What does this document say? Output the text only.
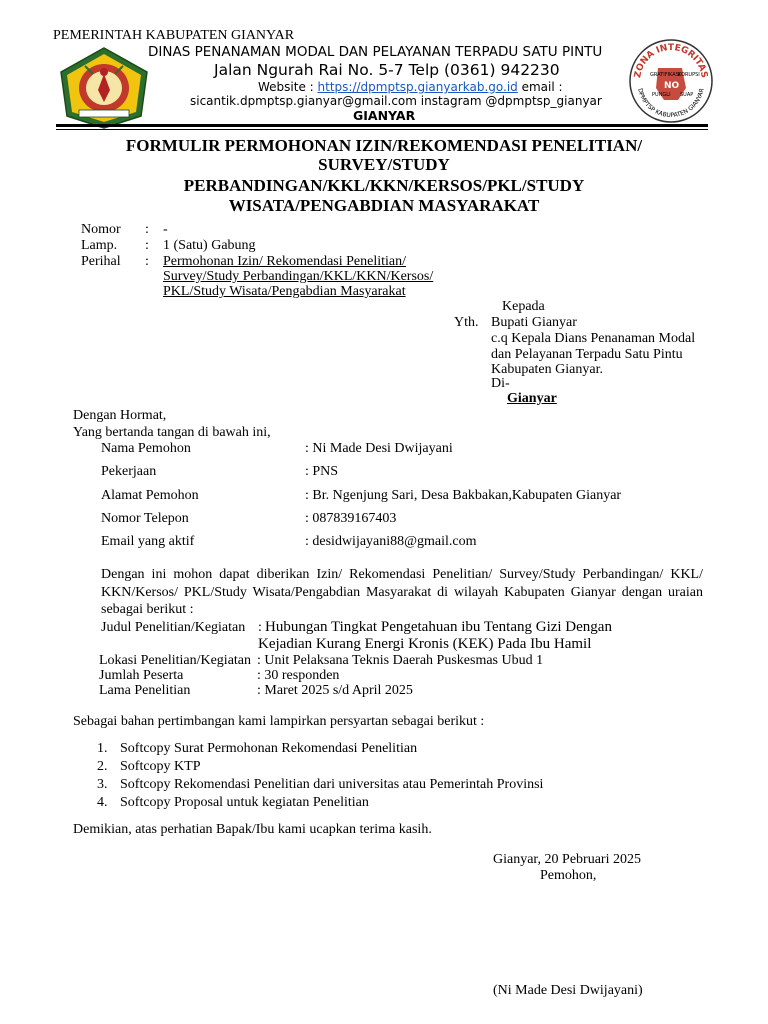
PEMERINTAH KABUPATEN GIANYAR
DINAS PENANAMAN MODAL DAN PELAYANAN TERPADU SATU PINTU
Jalan Ngurah Rai No. 5-7 Telp (0361) 942230
Website : https://dpmptsp.gianyarkab.go.id email :
sicantik.dpmptsp.gianyar@gmail.com instagram @dpmptsp_gianyar
GIANYAR
ZONA INTEGRITAS
GRATIFIKASI
KORUPSI
NO
PUNGLI SUAP
DPMPTSP KABUPATEN GIANYAR
FORMULIR PERMOHONAN IZIN/REKOMENDASI PENELITIAN/
SURVEY/STUDY
PERBANDINGAN/KKL/KKN/KERSOS/PKL/STUDY
WISATA/PENGABDIAN MASYARAKAT
Nomor : -
Lamp. : 1 (Satu) Gabung
Perihal : Permohonan Izin/ Rekomendasi Penelitian/
Survey/Study Perbandingan/KKL/KKN/Kersos/
PKL/Study Wisata/Pengabdian Masyarakat
Kepada
Yth. Bupati Gianyar
c.q Kepala Dians Penanaman Modal
dan Pelayanan Terpadu Satu Pintu
Kabupaten Gianyar.
Di-
Gianyar
Dengan Hormat,
Yang bertanda tangan di bawah ini,
Nama Pemohon	: Ni Made Desi Dwijayani
Pekerjaan	: PNS
Alamat Pemohon	: Br. Ngenjung Sari, Desa Bakbakan,Kabupaten Gianyar
Nomor Telepon	: 087839167403
Email yang aktif	: desidwijayani88@gmail.com
Dengan ini mohon dapat diberikan Izin/ Rekomendasi Penelitian/ Survey/Study Perbandingan/ KKL/ KKN/Kersos/ PKL/Study Wisata/Pengabdian Masyarakat di wilayah Kabupaten Gianyar dengan uraian sebagai berikut :
Judul Penelitian/Kegiatan : Hubungan Tingkat Pengetahuan ibu Tentang Gizi Dengan
Kejadian Kurang Energi Kronis (KEK) Pada Ibu Hamil
Lokasi Penelitian/Kegiatan : Unit Pelaksana Teknis Daerah Puskesmas Ubud 1
Jumlah Peserta	: 30 responden
Lama Penelitian	: Maret 2025 s/d April 2025
Sebagai bahan pertimbangan kami lampirkan persyartan sebagai berikut :
1. Softcopy Surat Permohonan Rekomendasi Penelitian
2. Softcopy KTP
3. Softcopy Rekomendasi Penelitian dari universitas atau Pemerintah Provinsi
4. Softcopy Proposal untuk kegiatan Penelitian
Demikian, atas perhatian Bapak/Ibu kami ucapkan terima kasih.
Gianyar, 20 Pebruari 2025
Pemohon,
(Ni Made Desi Dwijayani)
